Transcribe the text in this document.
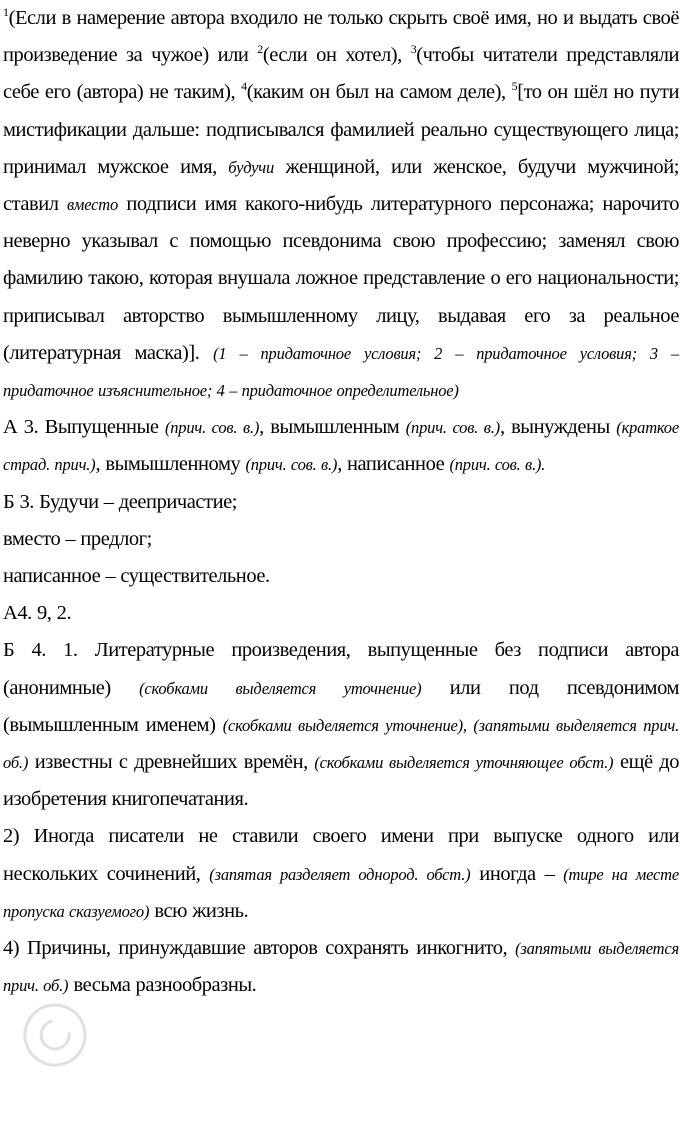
$^1$(Если в намерение автора входило не только скрыть своё имя, но и выдать своё произведение за чужое) или $^2$(если он хотел), $^3$(чтобы читатели представляли себе его (автора) не таким), $^4$(каким он был на самом деле), $^5$[то он шёл но пути мистификации дальше: подписывался фамилией реально существующего лица; принимал мужское имя, будучи женщиной, или женское, будучи мужчиной; ставил вместо подписи имя какого-нибудь литературного персонажа; нарочито неверно указывал с помощью псевдонима свою профессию; заменял свою фамилию такою, которая внушала ложное представление о его национальности; приписывал авторство вымышленному лицу, выдавая его за реальное (литературная маска)]. (1 – придаточное условия; 2 – придаточное условия; 3 – придаточное изъяснительное; 4 – придаточное определительное)

А 3. Выпущенные (прич. сов. в.), вымышленным (прич. сов. в.), вынуждены (краткое страд. прич.), вымышленному (прич. сов. в.), написанное (прич. сов. в.).

Б 3. Будучи – деепричастие;

вместо – предлог;

написанное – существительное.

А4. 9, 2.

Б 4. 1. Литературные произведения, выпущенные без подписи автора (анонимные) (скобками выделяется уточнение) или под псевдонимом (вымышленным именем) (скобками выделяется уточнение), (запятыми выделяется прич. об.) известны с древнейших времён, (скобками выделяется уточняющее обст.) ещё до изобретения книгопечатания.

2) Иногда писатели не ставили своего имени при выпуске одного или нескольких сочинений, (запятая разделяет однород. обст.) иногда – (тире на месте пропуска сказуемого) всю жизнь.

4) Причины, принуждавшие авторов сохранять инкогнито, (запятыми выделяется прич. об.) весьма разнообразны.
